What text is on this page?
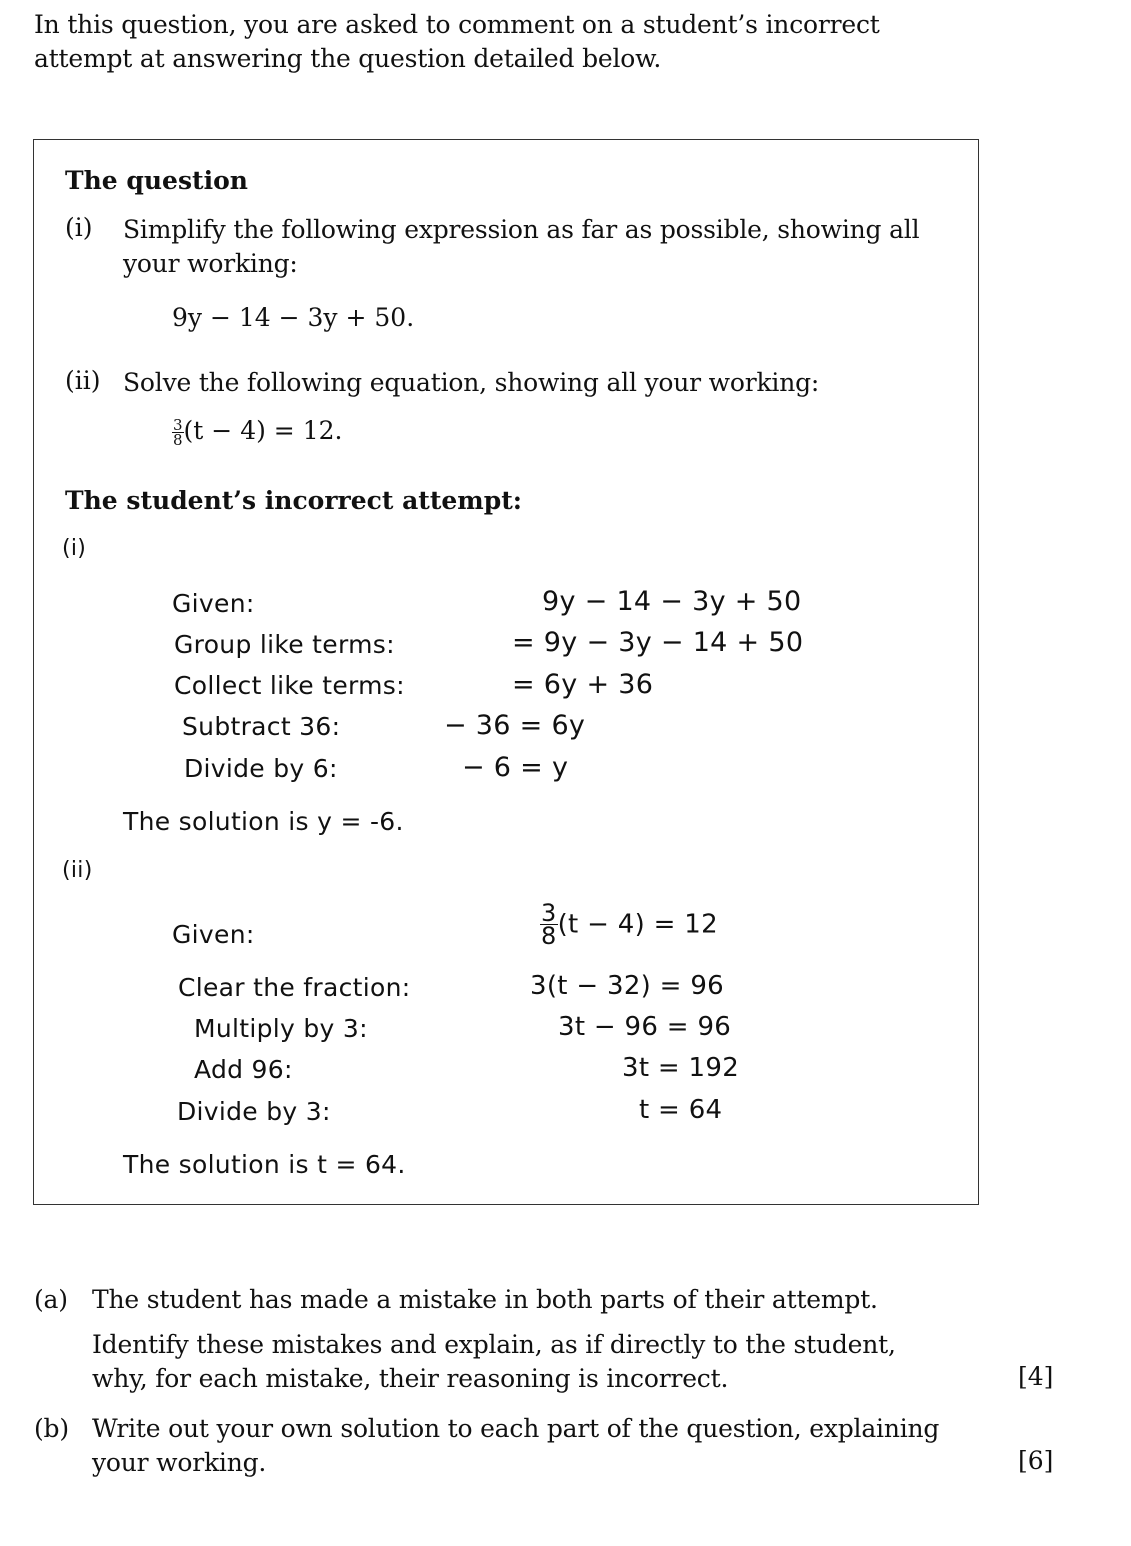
In this question, you are asked to comment on a student’s incorrect attempt at answering the question detailed below.
The question
(i) Simplify the following expression as far as possible, showing all your working:
9y − 14 − 3y + 50.
(ii) Solve the following equation, showing all your working:
$\frac{3}{8} (t - 4) = 12$.
The student’s incorrect attempt:
(i)
Given:	9y − 14 − 3y + 50
Group like terms:	= 9y − 3y − 14 + 50
Collect like terms:	= 6y + 36
Subtract 36:	− 36 = 6y
Divide by 6:	− 6 = y
The solution is y = -6.
(ii)
Given:	$\frac{3}{8} (t - 4) = 12$
Clear the fraction:	3(t − 32) = 96
Multiply by 3:	3t − 96 = 96
Add 96:	3t = 192
Divide by 3:	t = 64
The solution is t = 64.
(a) The student has made a mistake in both parts of their attempt.
Identify these mistakes and explain, as if directly to the student, why, for each mistake, their reasoning is incorrect.	[4]
(b) Write out your own solution to each part of the question, explaining your working.	[6]
